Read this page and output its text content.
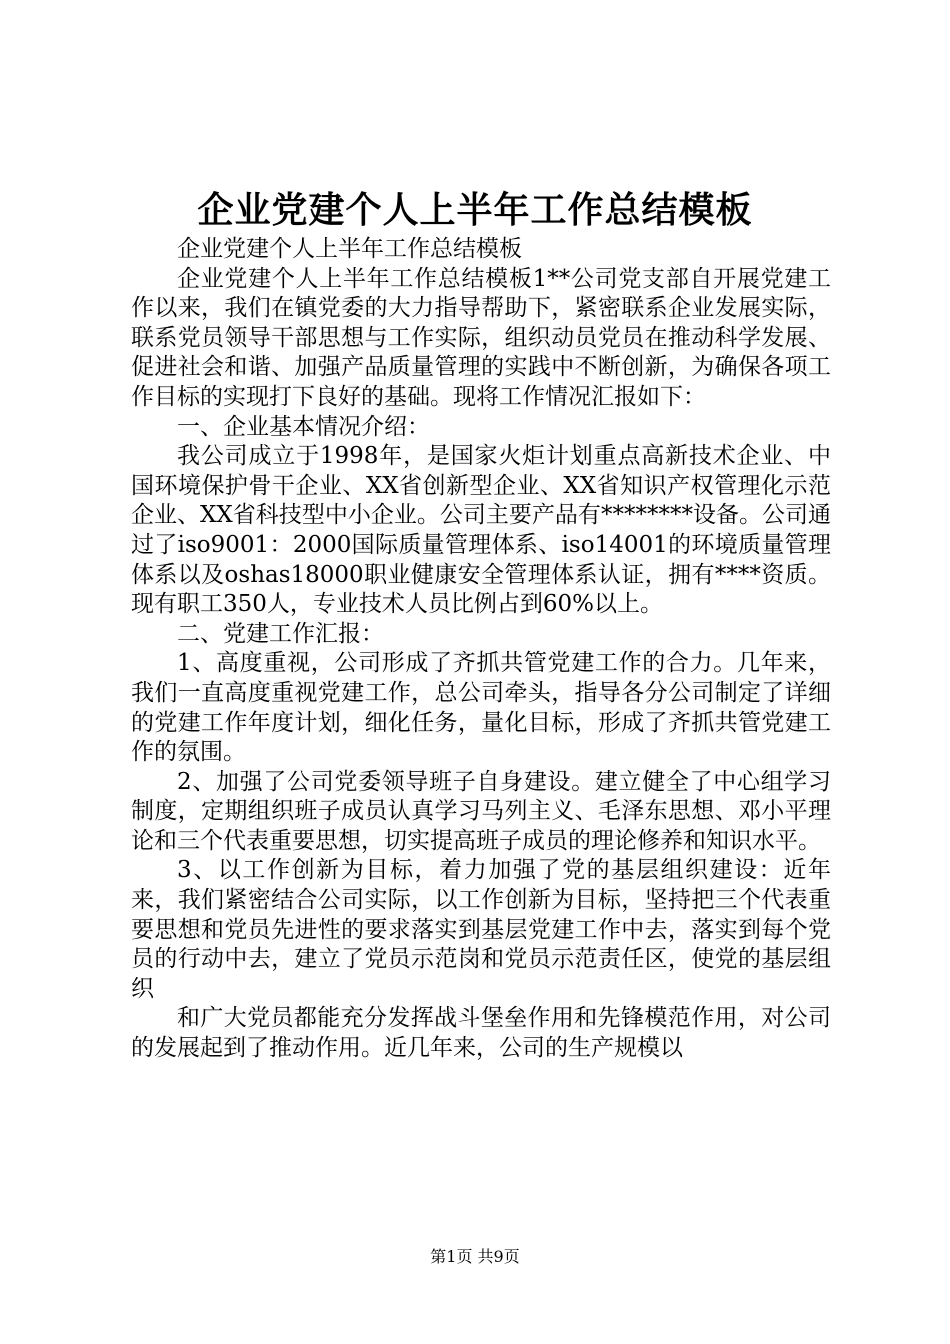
企业党建个人上半年工作总结模板

企业党建个人上半年工作总结模板

企业党建个人上半年工作总结模板1**公司党支部自开展党建工作以来，我们在镇党委的大力指导帮助下，紧密联系企业发展实际，联系党员领导干部思想与工作实际，组织动员党员在推动科学发展、促进社会和谐、加强产品质量管理的实践中不断创新，为确保各项工作目标的实现打下良好的基础。现将工作情况汇报如下：

一、企业基本情况介绍：

我公司成立于1998年，是国家火炬计划重点高新技术企业、中国环境保护骨干企业、XX省创新型企业、XX省知识产权管理化示范企业、XX省科技型中小企业。公司主要产品有********设备。公司通过了iso9001：2000国际质量管理体系、iso14001的环境质量管理体系以及oshas18000职业健康安全管理体系认证，拥有****资质。现有职工350人，专业技术人员比例占到60%以上。

二、党建工作汇报：

1、高度重视，公司形成了齐抓共管党建工作的合力。几年来，我们一直高度重视党建工作，总公司牵头，指导各分公司制定了详细的党建工作年度计划，细化任务，量化目标，形成了齐抓共管党建工作的氛围。

2、加强了公司党委领导班子自身建设。建立健全了中心组学习制度，定期组织班子成员认真学习马列主义、毛泽东思想、邓小平理论和三个代表重要思想，切实提高班子成员的理论修养和知识水平。

3、以工作创新为目标，着力加强了党的基层组织建设：近年来，我们紧密结合公司实际，以工作创新为目标，坚持把三个代表重要思想和党员先进性的要求落实到基层党建工作中去，落实到每个党员的行动中去，建立了党员示范岗和党员示范责任区，使党的基层组织

和广大党员都能充分发挥战斗堡垒作用和先锋模范作用，对公司的发展起到了推动作用。近几年来，公司的生产规模以

第1页 共9页
